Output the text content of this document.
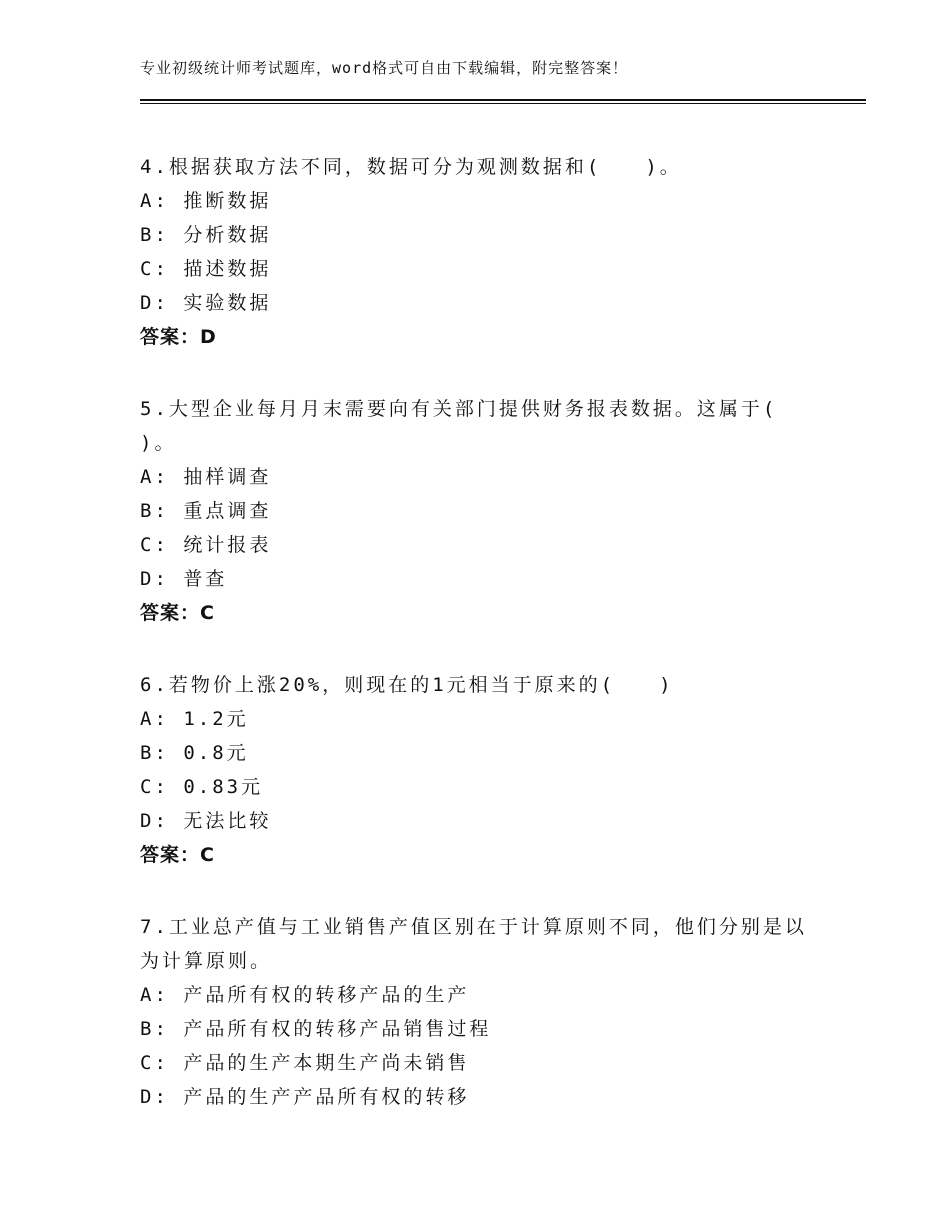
专业初级统计师考试题库，word格式可自由下载编辑，附完整答案！
4.根据获取方法不同，数据可分为观测数据和(　　)。
A: 推断数据
B: 分析数据
C: 描述数据
D: 实验数据
答案：D
5.大型企业每月月末需要向有关部门提供财务报表数据。这属于(
)。
A: 抽样调查
B: 重点调查
C: 统计报表
D: 普查
答案：C
6.若物价上涨20%，则现在的1元相当于原来的(　　)
A: 1.2元
B: 0.8元
C: 0.83元
D: 无法比较
答案：C
7.工业总产值与工业销售产值区别在于计算原则不同，他们分别是以
为计算原则。
A: 产品所有权的转移产品的生产
B: 产品所有权的转移产品销售过程
C: 产品的生产本期生产尚未销售
D: 产品的生产产品所有权的转移
